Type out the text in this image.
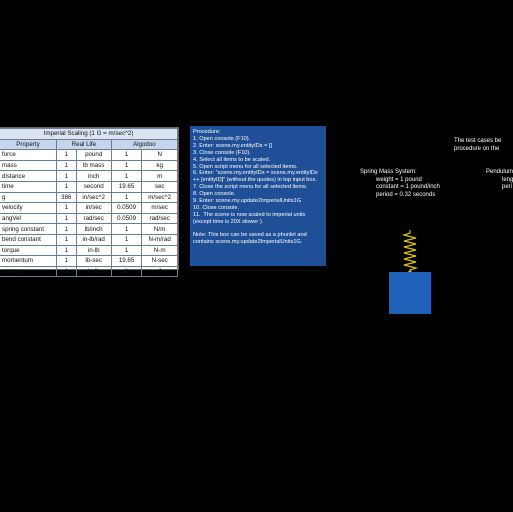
Imperial Scaling (1 G = m/sec^2)				
Property	Real Life		Algodoo	
force	1	pound	1	N
mass	1	lb mass	1	kg
distance	1	inch	1	m
time	1	second	19.65	sec
g	386	in/sec^2	1	m/sec^2
velocity	1	in/sec	0.0509	m/sec
angVel	1	rad/sec	0.0509	rad/sec
spring constant	1	lb/inch	1	N/m
bend constant	1	in-lb/rad	1	N-m/rad
torque	1	in-lb	1	N-m
momentum	1	lb-sec	19.65	N-sec
energy	1	in-lb	1	J
Procedure:
1. Open console (F10).
2. Enter: scene.my.entityIDs = []
3. Close console (F10).
4. Select all items to be scaled.
5. Open script menu for all selected items.
6. Enter: "scene.my.entityIDs = scene.my.entityIDs ++ [entityID]" (without the quotes) in top input box.
7. Close the script menu for all selected items.
8. Open console.
9. Enter: scene.my.update2ImperialUnits1G
10. Close console.
11.  The scene is now scaled to imperial units (except time is 20X slower ).
Note: This box can be saved as a phunlet and contains scene.my.update2ImperialUnits1G.
The test cases be
procedure on the
Spring Mass System:
weight = 1 pound
constant = 1 pound/inch
period = 0.32 seconds
Pendulum
leng
peri
